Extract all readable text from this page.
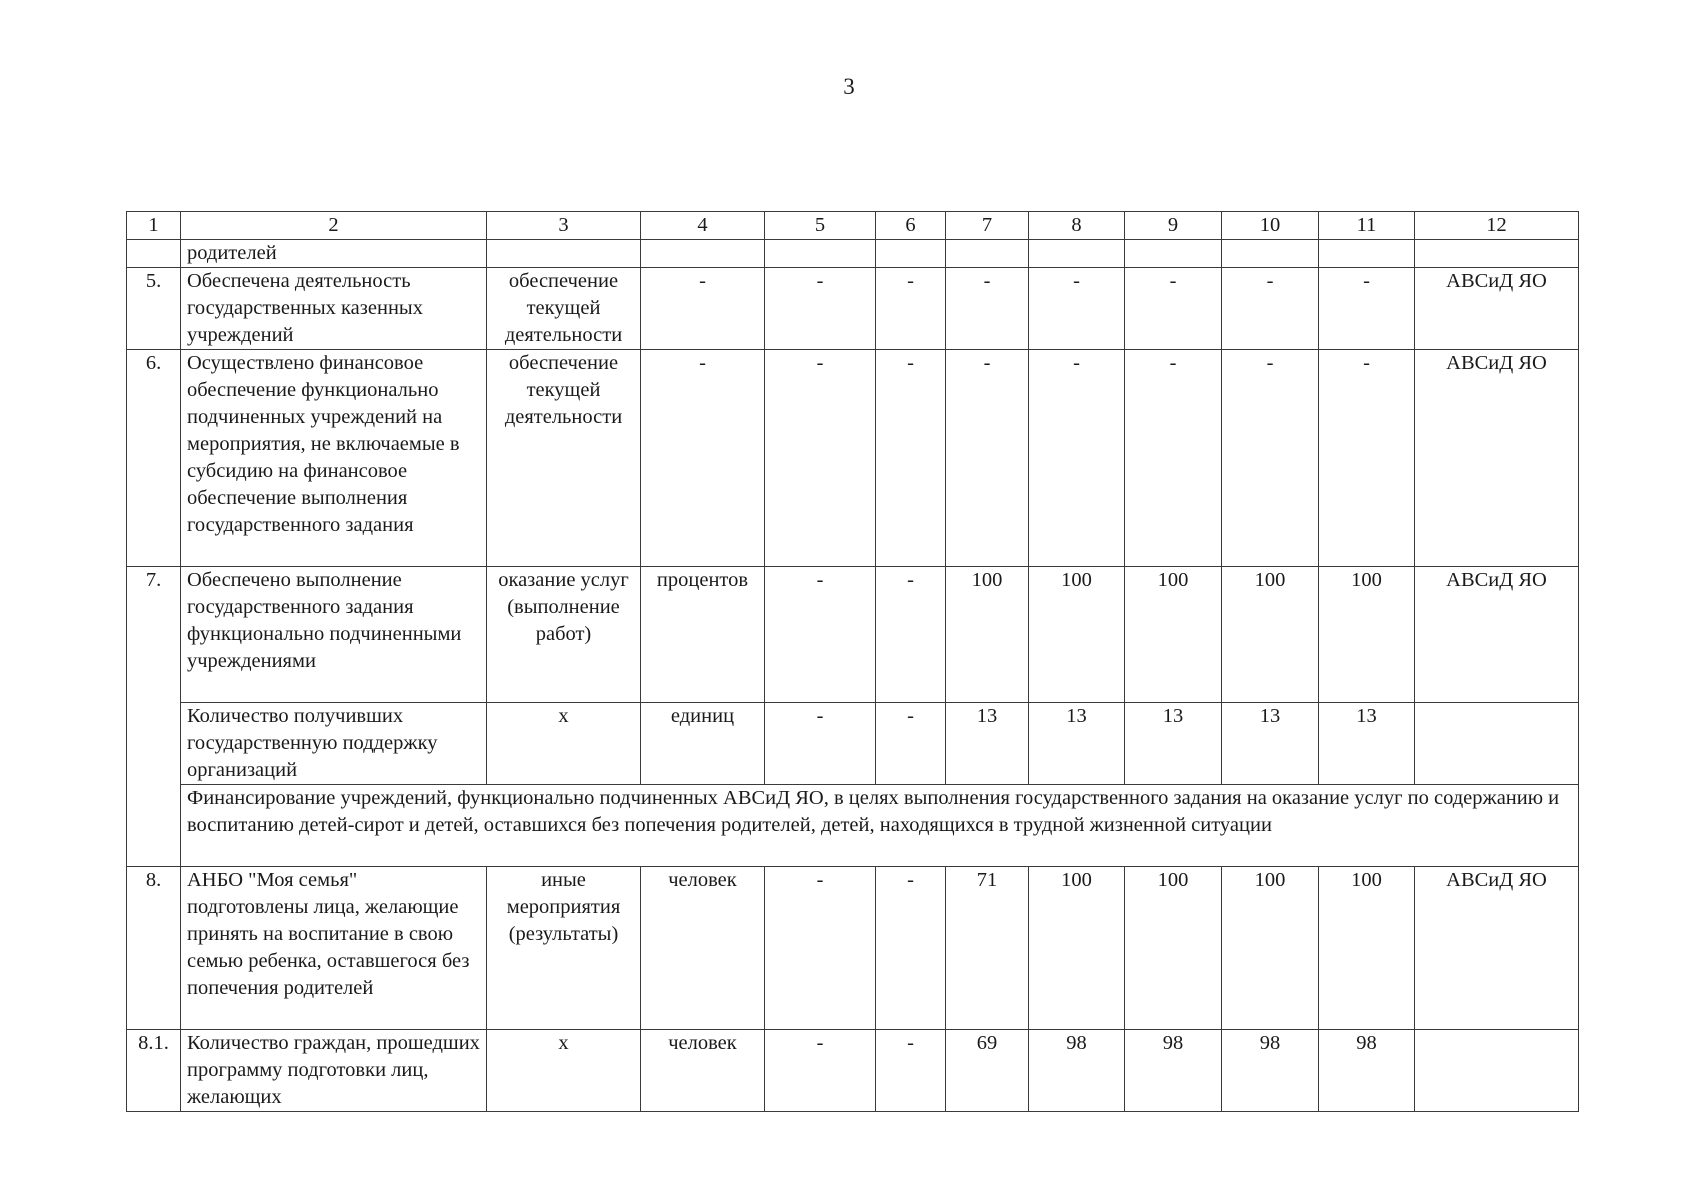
3
1	2	3	4	5	6	7	8	9	10	11	12
	родителей										
5.	Обеспечена деятельность государственных казенных учреждений	обеспечение текущей деятельности	-	-	-	-	-	-	-	-	АВСиД ЯО
6.	Осуществлено финансовое обеспечение функционально подчиненных учреждений на мероприятия, не включаемые в субсидию на финансовое обеспечение выполнения государственного задания	обеспечение текущей деятельности	-	-	-	-	-	-	-	-	АВСиД ЯО
7.	Обеспечено выполнение государственного задания функционально подчиненными учреждениями	оказание услуг (выполнение работ)	процентов	-	-	100	100	100	100	100	АВСиД ЯО
	Количество получивших государственную поддержку организаций	х	единиц	-	-	13	13	13	13	13	
	Финансирование учреждений, функционально подчиненных АВСиД ЯО, в целях выполнения государственного задания на оказание услуг по содержанию и воспитанию детей-сирот и детей, оставшихся без попечения родителей, детей, находящихся в трудной жизненной ситуации										
8.	АНБО "Моя семья" подготовлены лица, желающие принять на воспитание в свою семью ребенка, оставшегося без попечения родителей	иные мероприятия (результаты)	человек	-	-	71	100	100	100	100	АВСиД ЯО
8.1.	Количество граждан, прошедших программу подготовки лиц, желающих	х	человек	-	-	69	98	98	98	98	
